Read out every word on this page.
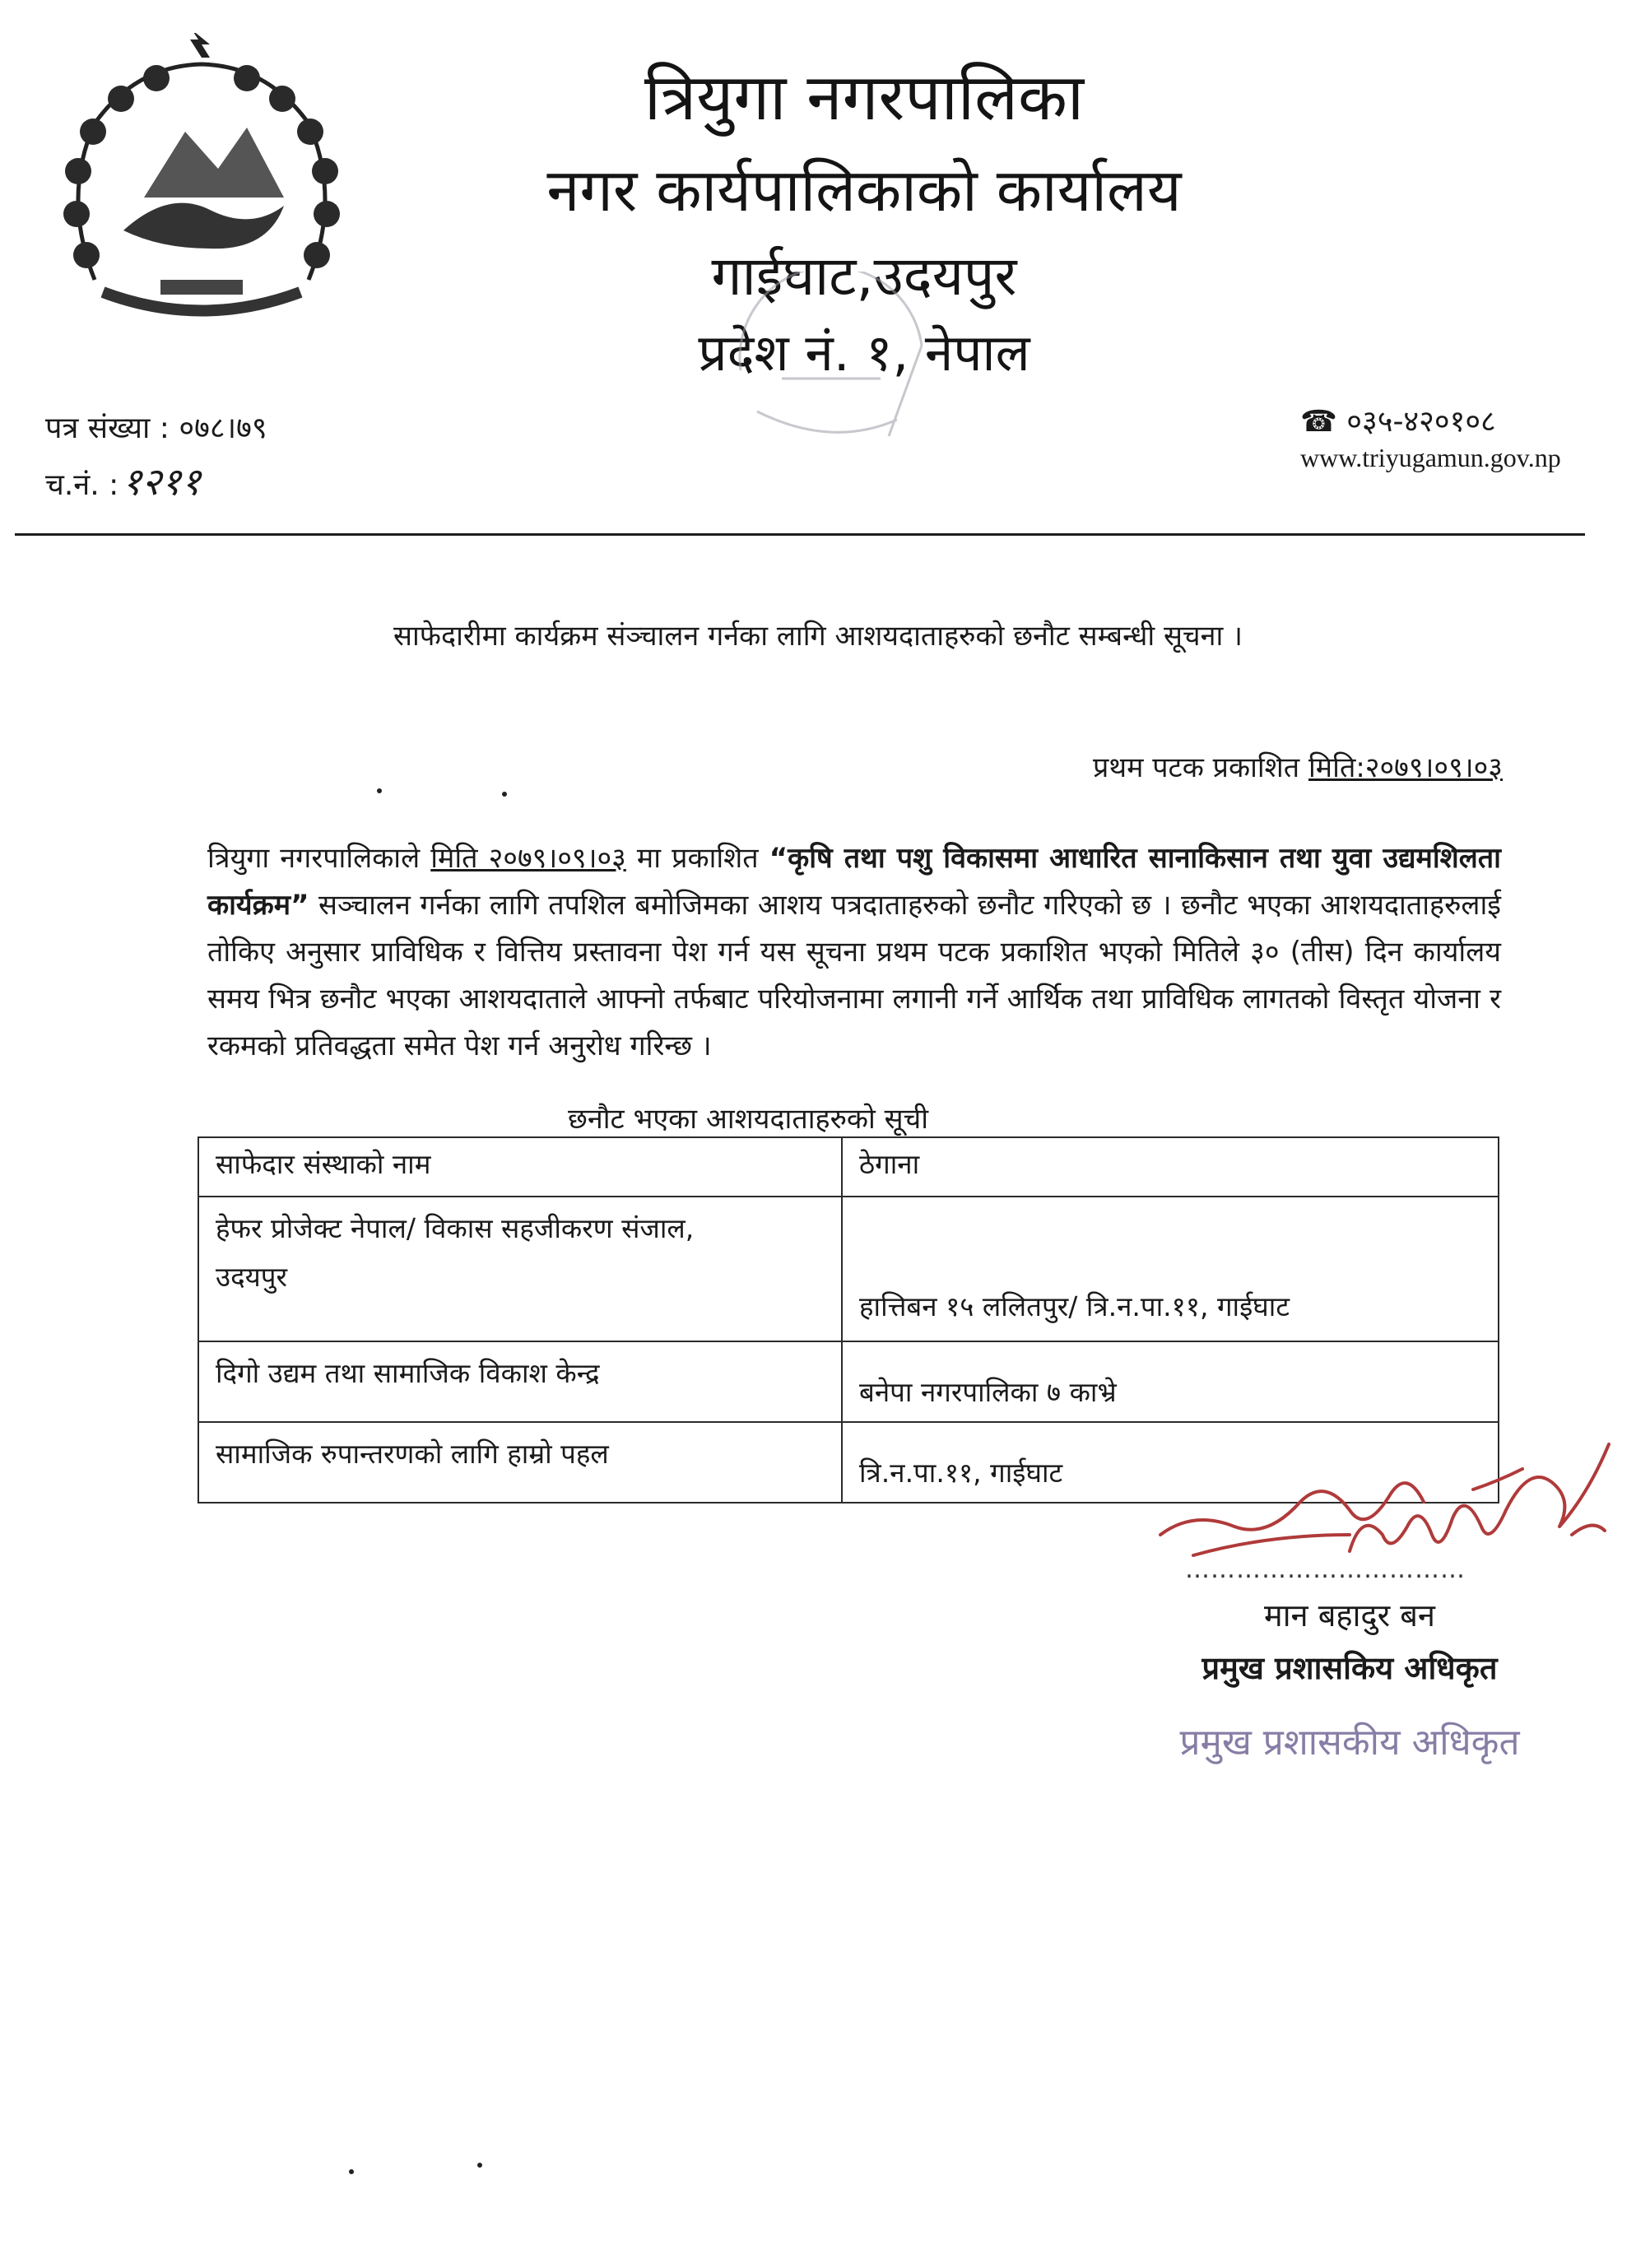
त्रियुगा नगरपालिका
नगर कार्यपालिकाको कार्यालय
गाईघाट,उदयपुर
प्रदेश नं. १, नेपाल
पत्र संख्या : ०७८।७९
च.नं. :१२११
☎ ०३५-४२०१०८
www.triyugamun.gov.np
साफेदारीमा कार्यक्रम संञ्चालन गर्नका लागि आशयदाताहरुको छनौट सम्बन्धी सूचना ।
प्रथम पटक प्रकाशित मिति:२०७९।०९।०३
त्रियुगा नगरपालिकाले मिति २०७९।०९।०३ मा प्रकाशित “कृषि तथा पशु विकासमा आधारित सानाकिसान तथा युवा उद्यमशिलता कार्यक्रम” सञ्चालन गर्नका लागि तपशिल बमोजिमका आशय पत्रदाताहरुको छनौट गरिएको छ । छनौट भएका आशयदाताहरुलाई तोकिए अनुसार प्राविधिक र वित्तिय प्रस्तावना पेश गर्न यस सूचना प्रथम पटक प्रकाशित भएको मितिले ३० (तीस) दिन कार्यालय समय भित्र छनौट भएका आशयदाताले आफ्नो तर्फबाट परियोजनामा लगानी गर्ने आर्थिक तथा प्राविधिक लागतको विस्तृत योजना र रकमको प्रतिवद्धता समेत पेश गर्न अनुरोध गरिन्छ ।
छनौट भएका आशयदाताहरुको सूची
साफेदार संस्थाको नाम	ठेगाना

हेफर प्रोजेक्ट नेपाल/ विकास सहजीकरण संजाल,
उदयपुर	हात्तिबन १५ ललितपुर/ त्रि.न.पा.११, गाईघाट
दिगो उद्यम तथा सामाजिक विकाश केन्द्र	बनेपा नगरपालिका ७ काभ्रे
सामाजिक रुपान्तरणको लागि हाम्रो पहल	त्रि.न.पा.११, गाईघाट
……………………………
मान बहादुर बन
प्रमुख प्रशासकिय अधिकृत
प्रमुख प्रशासकीय अधिकृत
